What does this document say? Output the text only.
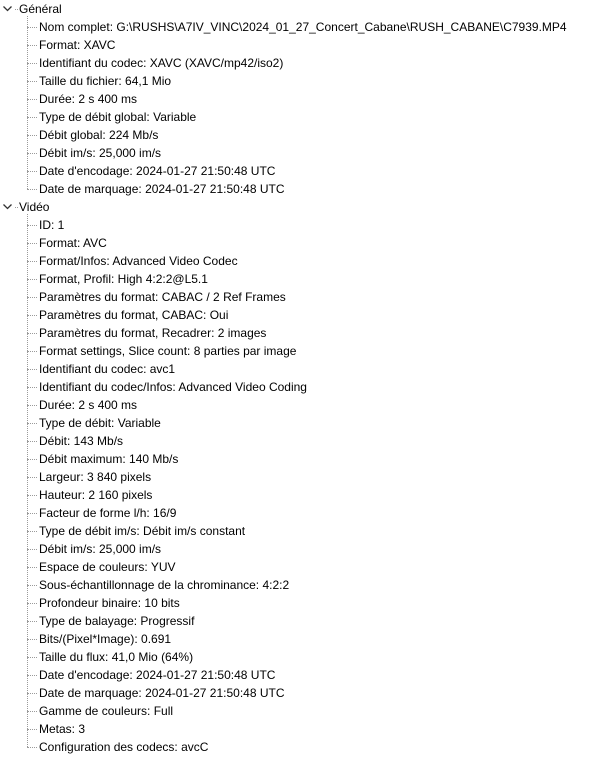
Général
Nom complet: G:\RUSHS\A7IV_VINC\2024_01_27_Concert_Cabane\RUSH_CABANE\C7939.MP4
Format: XAVC
Identifiant du codec: XAVC (XAVC/mp42/iso2)
Taille du fichier: 64,1 Mio
Durée: 2 s 400 ms
Type de débit global: Variable
Débit global: 224 Mb/s
Débit im/s: 25,000 im/s
Date d'encodage: 2024-01-27 21:50:48 UTC
Date de marquage: 2024-01-27 21:50:48 UTC
Vidéo
ID: 1
Format: AVC
Format/Infos: Advanced Video Codec
Format, Profil: High 4:2:2@L5.1
Paramètres du format: CABAC / 2 Ref Frames
Paramètres du format, CABAC: Oui
Paramètres du format, Recadrer: 2 images
Format settings, Slice count: 8 parties par image
Identifiant du codec: avc1
Identifiant du codec/Infos: Advanced Video Coding
Durée: 2 s 400 ms
Type de débit: Variable
Débit: 143 Mb/s
Débit maximum: 140 Mb/s
Largeur: 3 840 pixels
Hauteur: 2 160 pixels
Facteur de forme l/h: 16/9
Type de débit im/s: Débit im/s constant
Débit im/s: 25,000 im/s
Espace de couleurs: YUV
Sous-échantillonnage de la chrominance: 4:2:2
Profondeur binaire: 10 bits
Type de balayage: Progressif
Bits/(Pixel*Image): 0.691
Taille du flux: 41,0 Mio (64%)
Date d'encodage: 2024-01-27 21:50:48 UTC
Date de marquage: 2024-01-27 21:50:48 UTC
Gamme de couleurs: Full
Metas: 3
Configuration des codecs: avcC
